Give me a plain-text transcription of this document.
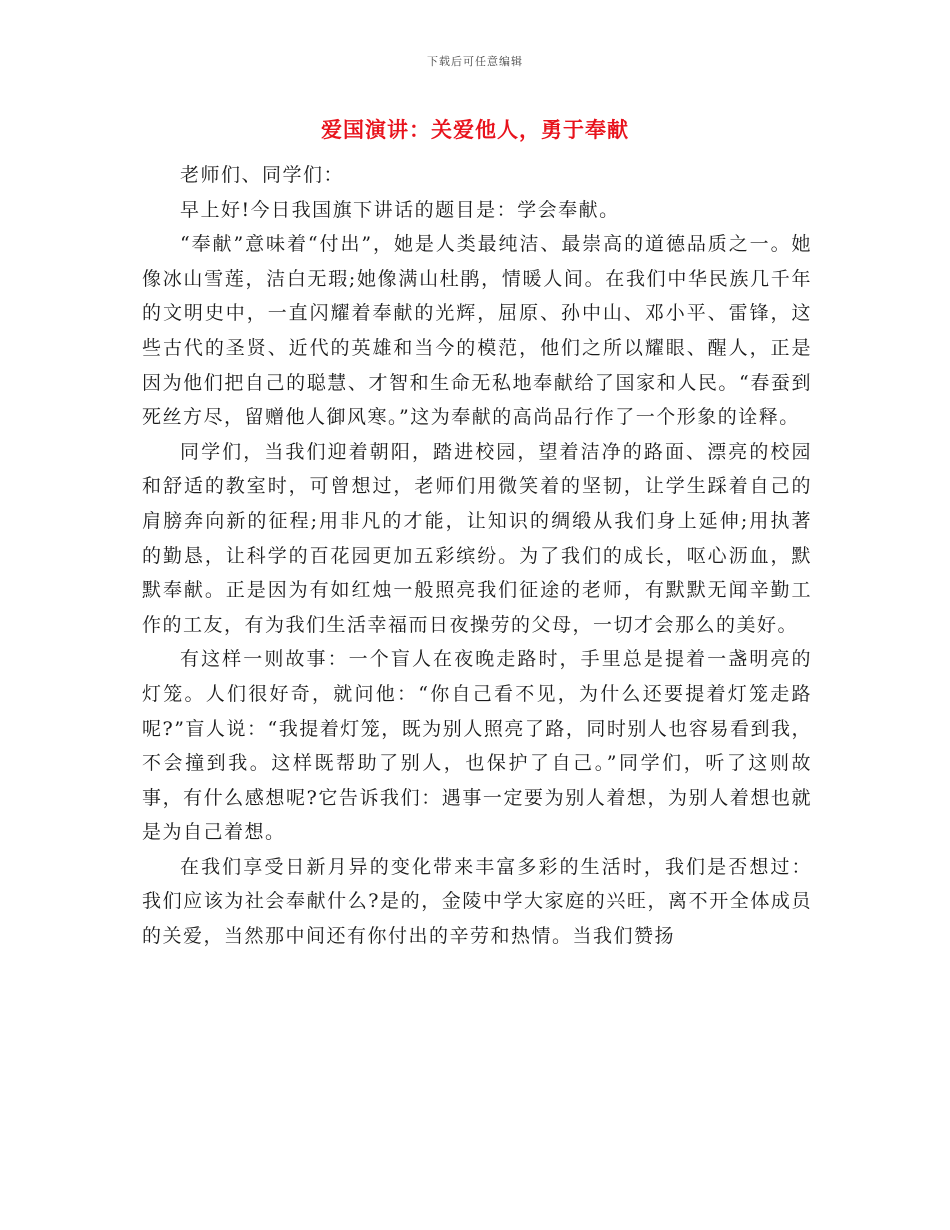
下载后可任意编辑
爱国演讲：关爱他人，勇于奉献

老师们、同学们：

早上好!今日我国旗下讲话的题目是：学会奉献。

“奉献”意味着“付出”，她是人类最纯洁、最崇高的道德品质之一。她像冰山雪莲，洁白无瑕;她像满山杜鹃，情暖人间。在我们中华民族几千年的文明史中，一直闪耀着奉献的光辉，屈原、孙中山、邓小平、雷锋，这些古代的圣贤、近代的英雄和当今的模范，他们之所以耀眼、醒人，正是因为他们把自己的聪慧、才智和生命无私地奉献给了国家和人民。“春蚕到死丝方尽，留赠他人御风寒。”这为奉献的高尚品行作了一个形象的诠释。

同学们，当我们迎着朝阳，踏进校园，望着洁净的路面、漂亮的校园和舒适的教室时，可曾想过，老师们用微笑着的坚韧，让学生踩着自己的肩膀奔向新的征程;用非凡的才能，让知识的绸缎从我们身上延伸;用执著的勤恳，让科学的百花园更加五彩缤纷。为了我们的成长，呕心沥血，默默奉献。正是因为有如红烛一般照亮我们征途的老师，有默默无闻辛勤工作的工友，有为我们生活幸福而日夜操劳的父母，一切才会那么的美好。

有这样一则故事：一个盲人在夜晚走路时，手里总是提着一盏明亮的灯笼。人们很好奇，就问他：“你自己看不见，为什么还要提着灯笼走路呢?”盲人说：“我提着灯笼，既为别人照亮了路，同时别人也容易看到我，不会撞到我。这样既帮助了别人，也保护了自己。”同学们，听了这则故事，有什么感想呢?它告诉我们：遇事一定要为别人着想，为别人着想也就是为自己着想。

在我们享受日新月异的变化带来丰富多彩的生活时，我们是否想过：我们应该为社会奉献什么?是的，金陵中学大家庭的兴旺，离不开全体成员的关爱，当然那中间还有你付出的辛劳和热情。当我们赞扬
